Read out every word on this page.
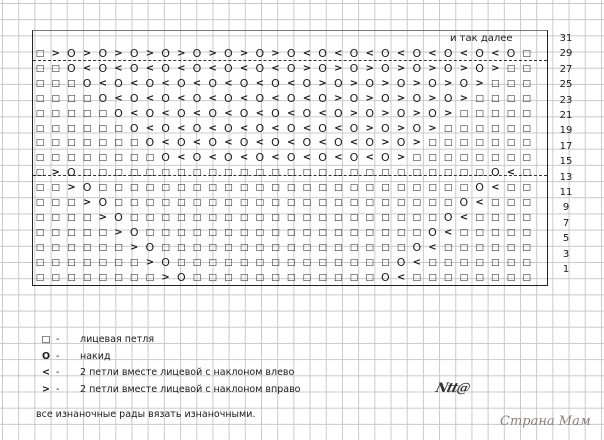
□ > O > O > O > O > O > O > O > O < O < O < O < O < O < O < O □
□ □ O < O < O < O < O < O < O < O > O > O > O > O > O > O > □ □
□ □ □ O < O < O < O < O < O < O < O > O > O > O > O > O > □ □ □
□ □ □ □ O < O < O < O < O < O < O < O > O > O > O > O > □ □ □ □
□ □ □ □ □ O < O < O < O < O < O < O < O > O > O > O > □ □ □ □ □
□ □ □ □ □ □ O < O < O < O < O < O < O < O > O > O > □ □ □ □ □ □
□ □ □ □ □ □ □ O < O < O < O < O < O < O < O > O > □ □ □ □ □ □ □
□ □ □ □ □ □ □ □ O < O < O < O < O < O < O < O > □ □ □ □ □ □ □ □
□ > O □ □ □ □ □ □ □ □ □ □ □ □ □ □ □ □ □ □ □ □ □ □ □ □ □ □ O < □
□ □ > O □ □ □ □ □ □ □ □ □ □ □ □ □ □ □ □ □ □ □ □ □ □ □ □ O < □ □
□ □ □ > O □ □ □ □ □ □ □ □ □ □ □ □ □ □ □ □ □ □ □ □ □ □ O < □ □ □
□ □ □ □ > O □ □ □ □ □ □ □ □ □ □ □ □ □ □ □ □ □ □ □ □ O < □ □ □ □
□ □ □ □ □ > O □ □ □ □ □ □ □ □ □ □ □ □ □ □ □ □ □ □ O < □ □ □ □ □
□ □ □ □ □ □ > O □ □ □ □ □ □ □ □ □ □ □ □ □ □ □ □ O < □ □ □ □ □ □
□ □ □ □ □ □ □ > O □ □ □ □ □ □ □ □ □ □ □ □ □ □ O < □ □ □ □ □ □ □
□ □ □ □ □ □ □ □ > O □ □ □ □ □ □ □ □ □ □ □ □ O < □ □ □ □ □ □ □ □
31
29
27
25
23
21
19
17
15
13
11
9
7
5
3
1
и так далее
□ - лицевая петля
O - накид
< - 2 петли вместе лицевой с наклоном влево
> - 2 петли вместе лицевой с наклоном вправо
все изнаночные рады вязать изнаночными.
Ntt@
Страна Мам
